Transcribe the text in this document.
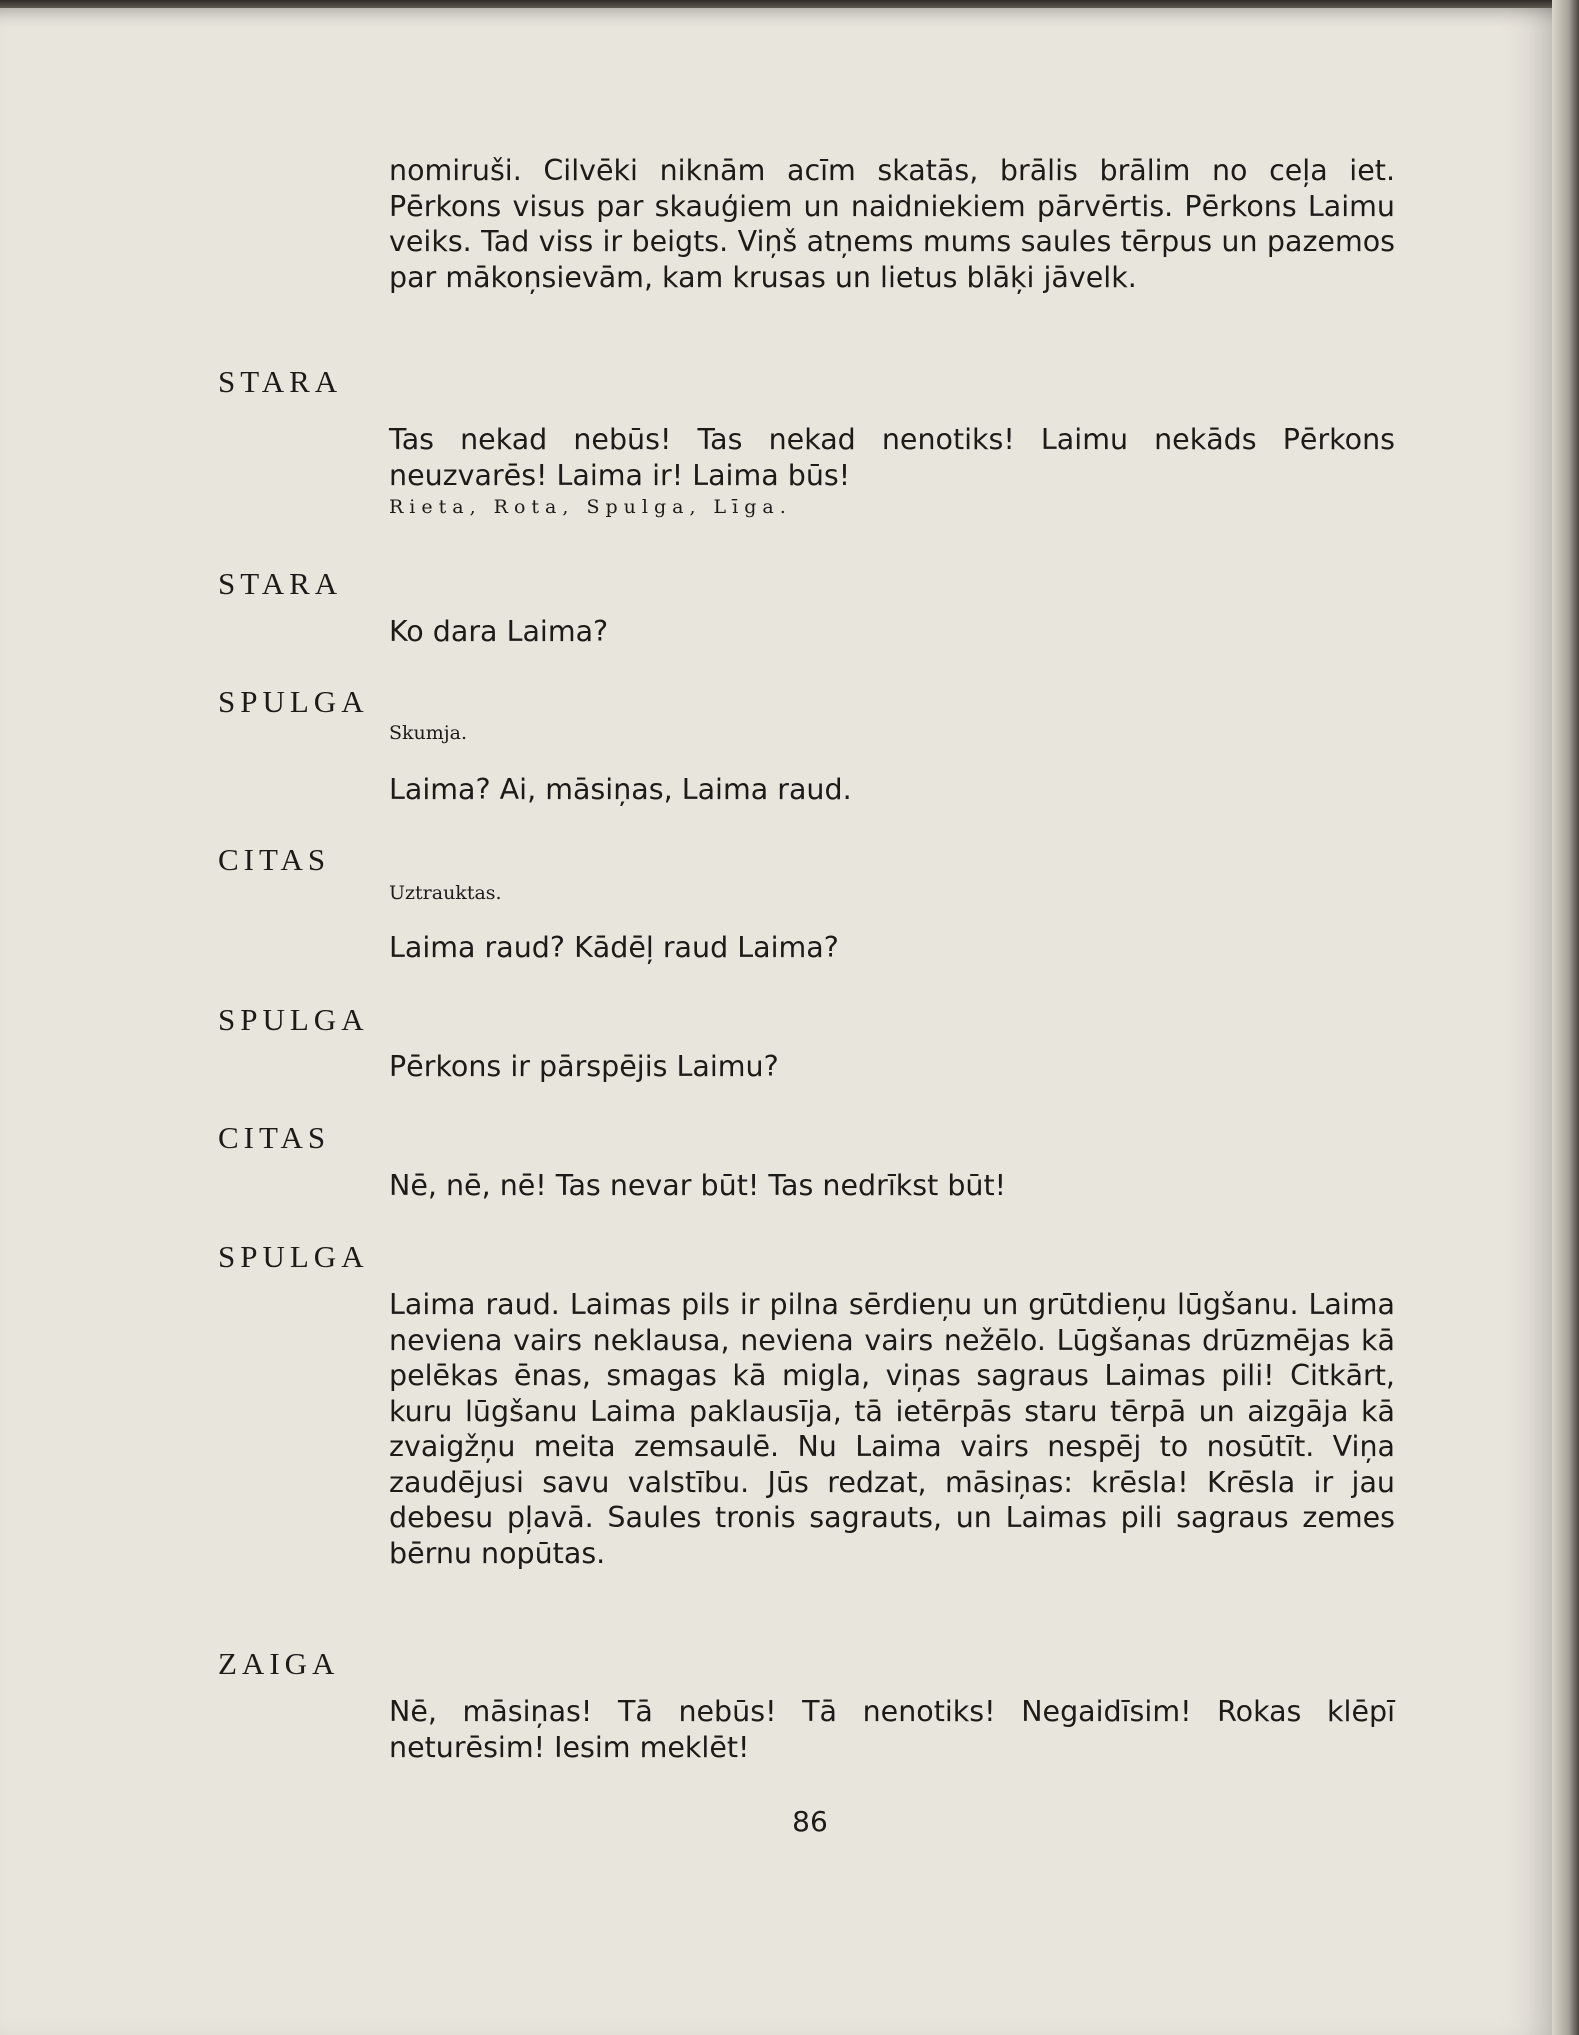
nomiruši. Cilvēki niknām acīm skatās, brālis brālim no ceļa iet. Pērkons visus par skauģiem un naidniekiem pārvērtis. Pērkons Laimu veiks. Tad viss ir beigts. Viņš atņems mums saules tērpus un pazemos par mākoņsievām, kam krusas un lietus blāķi jāvelk.

STARA

Tas nekad nebūs! Tas nekad nenotiks! Laimu nekāds Pērkons neuzvarēs! Laima ir! Laima būs!

Rieta, Rota, Spulga, Līga.

STARA

Ko dara Laima?

SPULGA

Skumja.

Laima? Ai, māsiņas, Laima raud.

CITAS

Uztrauktas.

Laima raud? Kādēļ raud Laima?

SPULGA

Pērkons ir pārspējis Laimu?

CITAS

Nē, nē, nē! Tas nevar būt! Tas nedrīkst būt!

SPULGA

Laima raud. Laimas pils ir pilna sērdieņu un grūtdieņu lūgšanu. Laima neviena vairs neklausa, neviena vairs nežēlo. Lūgšanas drūzmējas kā pelēkas ēnas, smagas kā migla, viņas sagraus Laimas pili! Citkārt, kuru lūgšanu Laima paklausīja, tā ietērpās staru tērpā un aizgāja kā zvaigžņu meita zemsaulē. Nu Laima vairs nespēj to nosūtīt. Viņa zaudējusi savu valstību. Jūs redzat, māsiņas: krēsla! Krēsla ir jau debesu pļavā. Saules tronis sagrauts, un Laimas pili sagraus zemes bērnu nopūtas.

ZAIGA

Nē, māsiņas! Tā nebūs! Tā nenotiks! Negaidīsim! Rokas klēpī neturēsim! Iesim meklēt!

86
